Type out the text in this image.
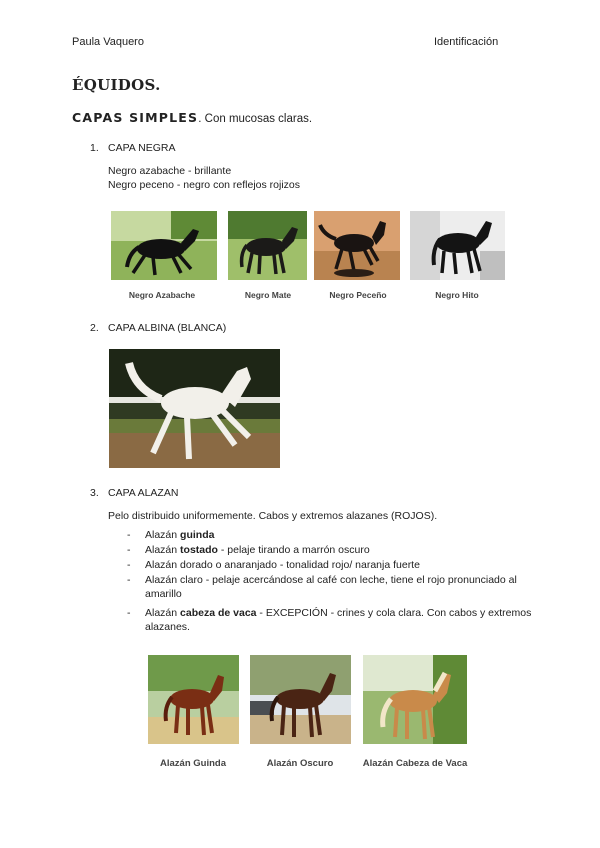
Paula Vaquero	Identificación
ÉQUIDOS.
CAPAS SIMPLES. Con mucosas claras.
1. CAPA NEGRA
Negro azabache - brillante
Negro peceno - negro con reflejos rojizos
Negro Azabache	Negro Mate	Negro Peceño	Negro Hito
2. CAPA ALBINA (BLANCA)
3. CAPA ALAZAN
Pelo distribuido uniformemente. Cabos y extremos alazanes (ROJOS).
- Alazán guinda
- Alazán tostado - pelaje tirando a marrón oscuro
- Alazán dorado o anaranjado - tonalidad rojo/ naranja fuerte
- Alazán claro - pelaje acercándose al café con leche, tiene el rojo pronunciado al amarillo
- Alazán cabeza de vaca - EXCEPCIÓN - crines y cola clara. Con cabos y extremos alazanes.
Alazán Guinda	Alazán Oscuro	Alazán Cabeza de Vaca
